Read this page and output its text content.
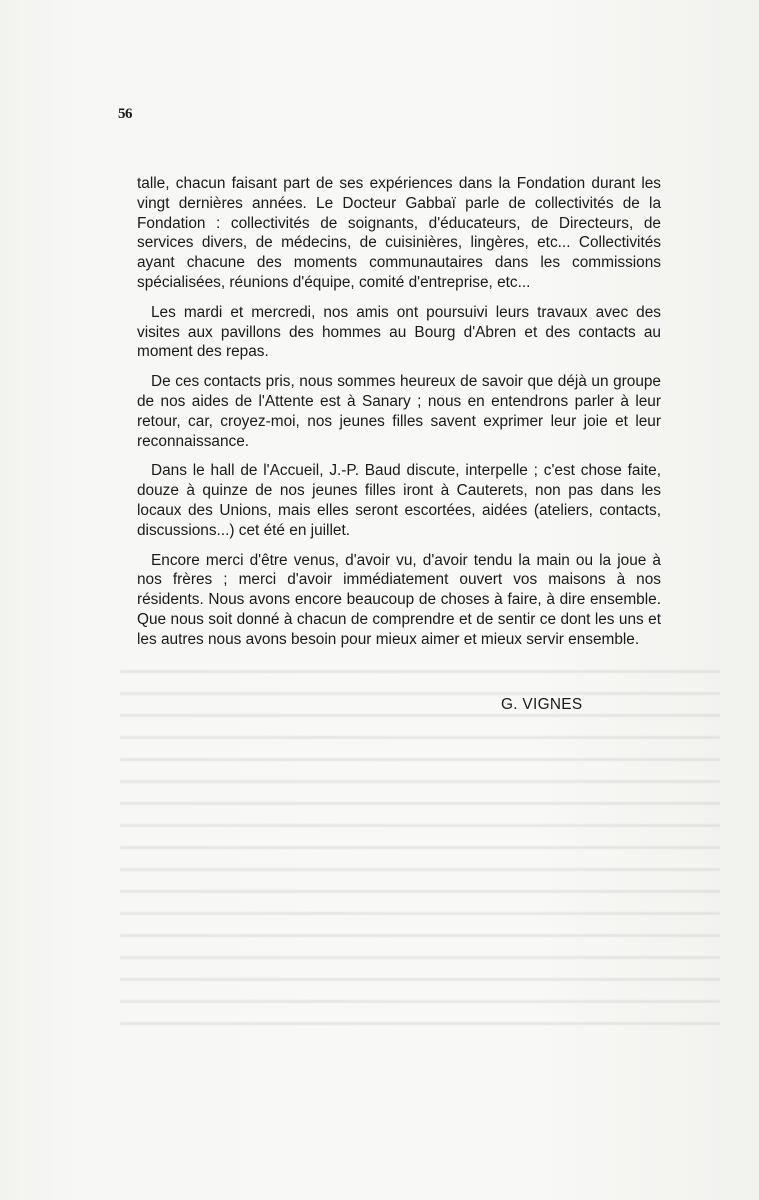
56

talle, chacun faisant part de ses expériences dans la Fondation durant les vingt dernières années. Le Docteur Gabbaï parle de collectivités de la Fondation : collectivités de soignants, d'éducateurs, de Directeurs, de services divers, de médecins, de cuisinières, lingères, etc... Collectivités ayant chacune des moments communautaires dans les commissions spécialisées, réunions d'équipe, comité d'entreprise, etc...

Les mardi et mercredi, nos amis ont poursuivi leurs travaux avec des visites aux pavillons des hommes au Bourg d'Abren et des contacts au moment des repas.

De ces contacts pris, nous sommes heureux de savoir que déjà un groupe de nos aides de l'Attente est à Sanary ; nous en entendrons parler à leur retour, car, croyez-moi, nos jeunes filles savent exprimer leur joie et leur reconnaissance.

Dans le hall de l'Accueil, J.-P. Baud discute, interpelle ; c'est chose faite, douze à quinze de nos jeunes filles iront à Cauterets, non pas dans les locaux des Unions, mais elles seront escortées, aidées (ateliers, contacts, discussions...) cet été en juillet.

Encore merci d'être venus, d'avoir vu, d'avoir tendu la main ou la joue à nos frères ; merci d'avoir immédiatement ouvert vos maisons à nos résidents. Nous avons encore beaucoup de choses à faire, à dire ensemble. Que nous soit donné à chacun de comprendre et de sentir ce dont les uns et les autres nous avons besoin pour mieux aimer et mieux servir ensemble.

G. VIGNES
